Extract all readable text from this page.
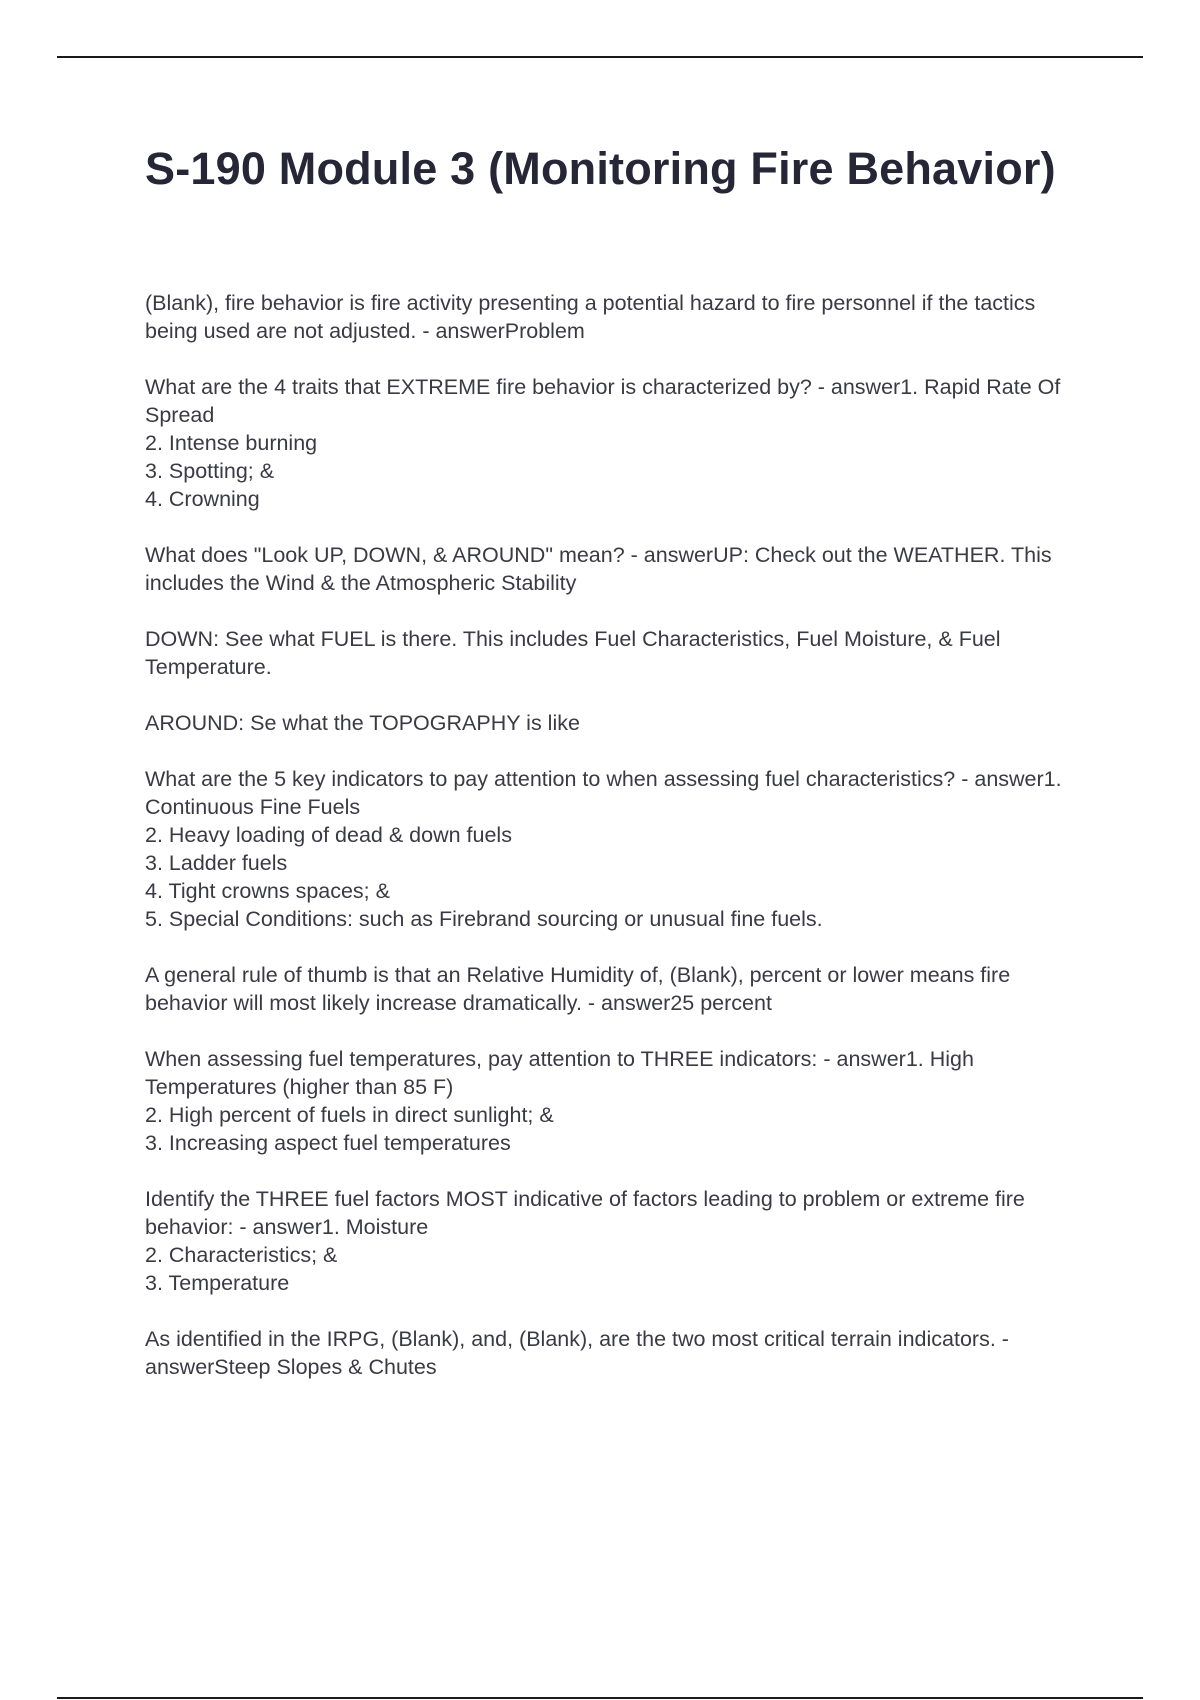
S-190 Module 3 (Monitoring Fire Behavior)

(Blank), fire behavior is fire activity presenting a potential hazard to fire personnel if the tactics being used are not adjusted. - answerProblem

What are the 4 traits that EXTREME fire behavior is characterized by? - answer1. Rapid Rate Of Spread
2. Intense burning
3. Spotting; &
4. Crowning

What does "Look UP, DOWN, & AROUND" mean? - answerUP: Check out the WEATHER. This includes the Wind & the Atmospheric Stability

DOWN: See what FUEL is there. This includes Fuel Characteristics, Fuel Moisture, & Fuel Temperature.

AROUND: Se what the TOPOGRAPHY is like

What are the 5 key indicators to pay attention to when assessing fuel characteristics? - answer1. Continuous Fine Fuels
2. Heavy loading of dead & down fuels
3. Ladder fuels
4. Tight crowns spaces; &
5. Special Conditions: such as Firebrand sourcing or unusual fine fuels.

A general rule of thumb is that an Relative Humidity of, (Blank), percent or lower means fire behavior will most likely increase dramatically. - answer25 percent

When assessing fuel temperatures, pay attention to THREE indicators: - answer1. High Temperatures (higher than 85 F)
2. High percent of fuels in direct sunlight; &
3. Increasing aspect fuel temperatures

Identify the THREE fuel factors MOST indicative of factors leading to problem or extreme fire behavior: - answer1. Moisture
2. Characteristics; &
3. Temperature

As identified in the IRPG, (Blank), and, (Blank), are the two most critical terrain indicators. - answerSteep Slopes & Chutes
